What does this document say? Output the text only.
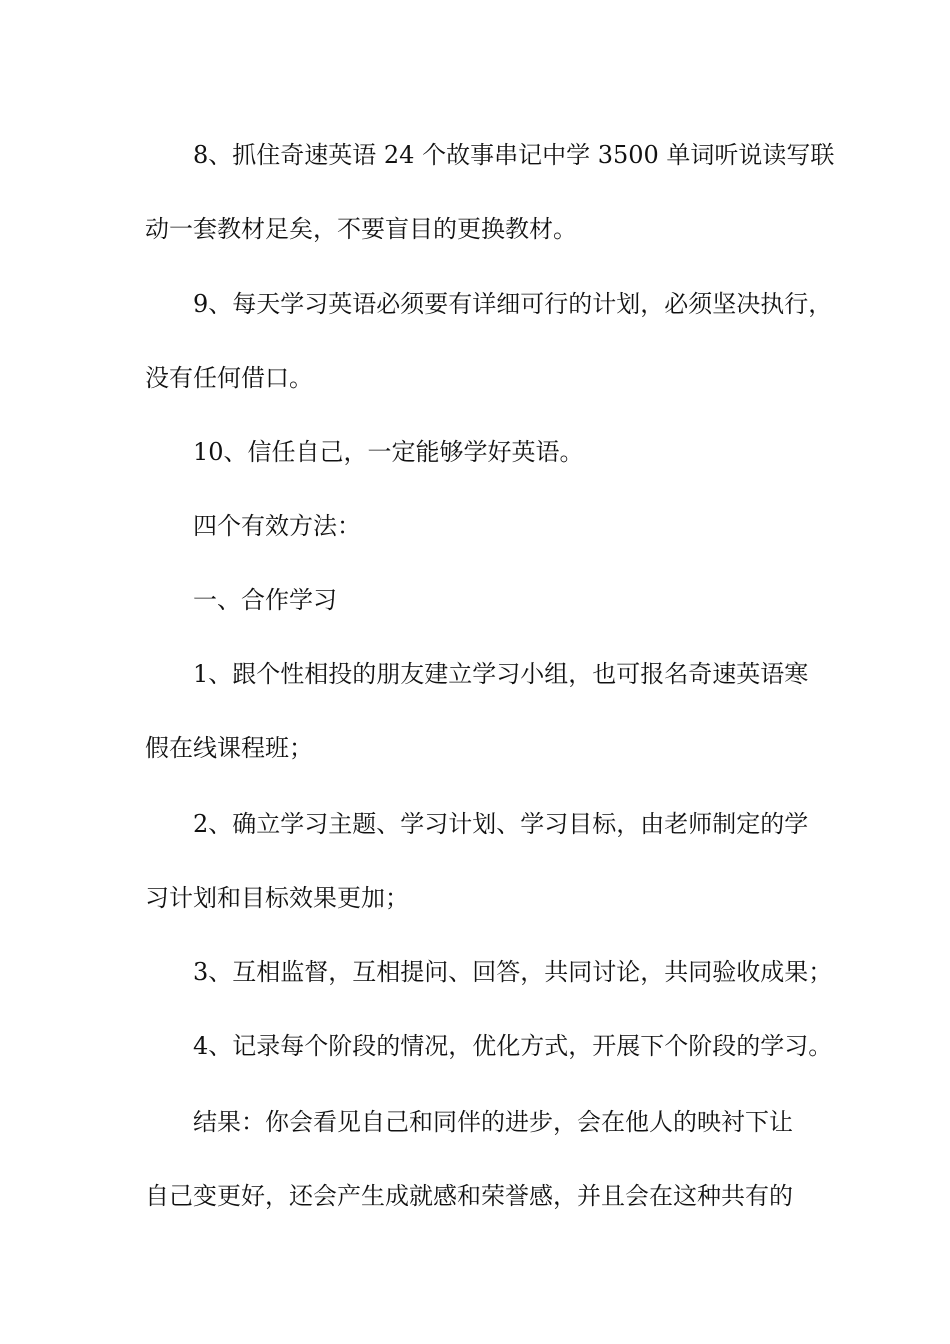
8、抓住奇速英语 24 个故事串记中学 3500 单词听说读写联
动一套教材足矣，不要盲目的更换教材。
9、每天学习英语必须要有详细可行的计划，必须坚决执行，
没有任何借口。
10、信任自己，一定能够学好英语。
四个有效方法：
一、合作学习
1、跟个性相投的朋友建立学习小组，也可报名奇速英语寒
假在线课程班；
2、确立学习主题、学习计划、学习目标，由老师制定的学
习计划和目标效果更加；
3、互相监督，互相提问、回答，共同讨论，共同验收成果；
4、记录每个阶段的情况，优化方式，开展下个阶段的学习。
结果：你会看见自己和同伴的进步，会在他人的映衬下让
自己变更好，还会产生成就感和荣誉感，并且会在这种共有的
